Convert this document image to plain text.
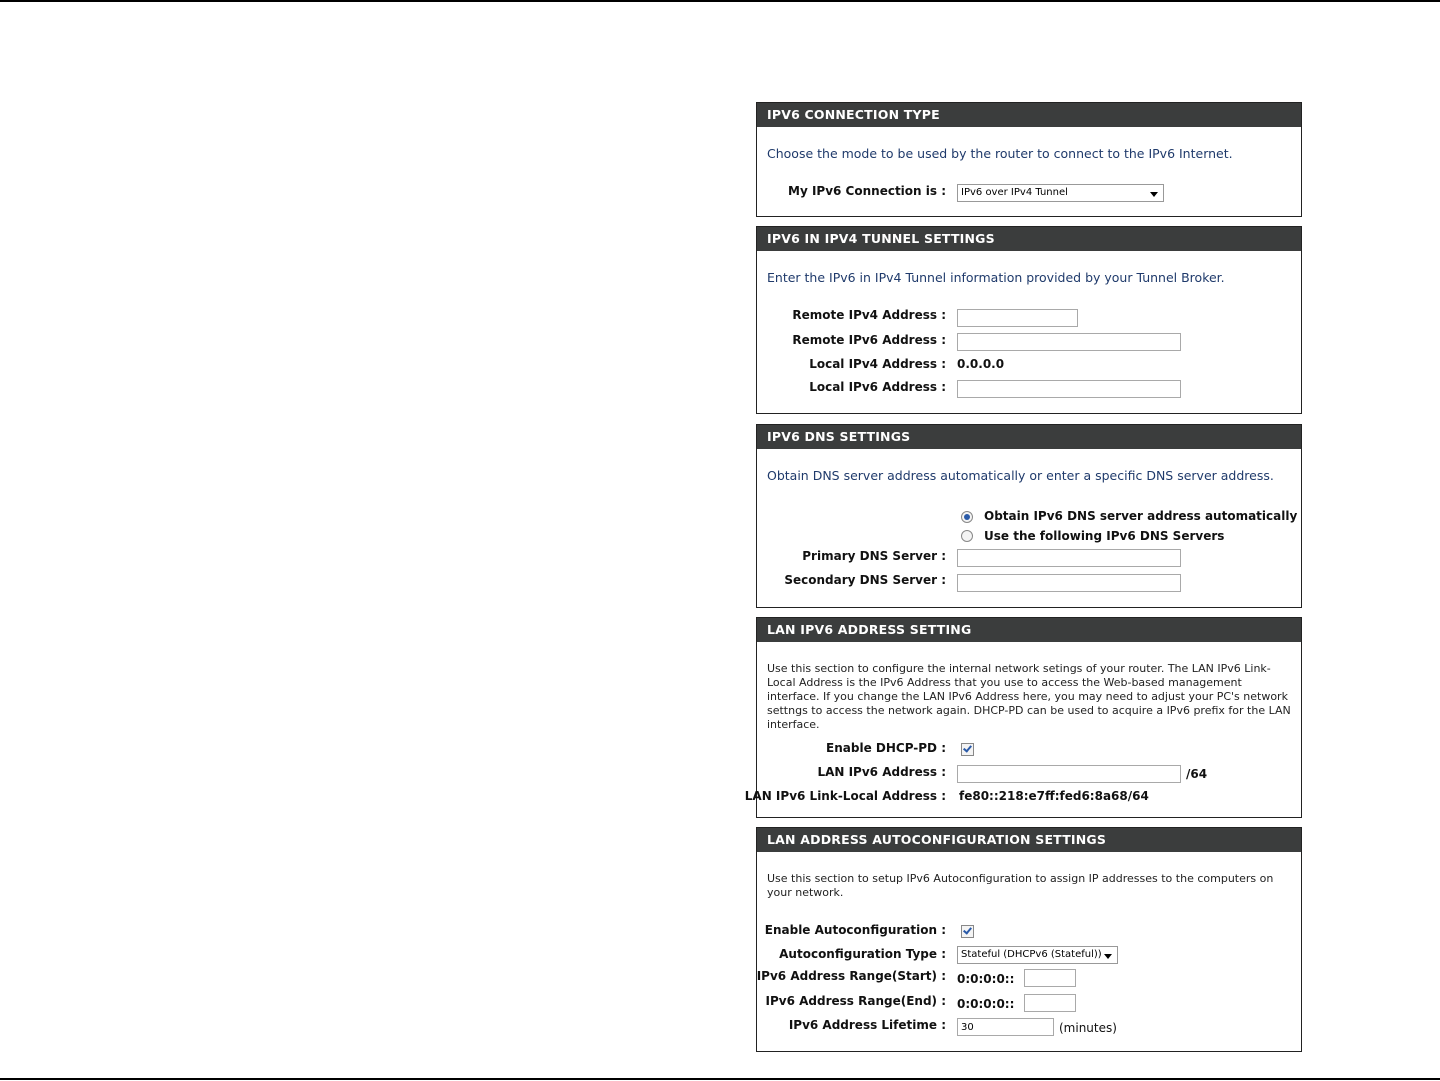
IPV6 CONNECTION TYPE
Choose the mode to be used by the router to connect to the IPv6 Internet.
My IPv6 Connection is :	IPv6 over IPv4 Tunnel
IPV6 IN IPV4 TUNNEL SETTINGS
Enter the IPv6 in IPv4 Tunnel information provided by your Tunnel Broker.
Remote IPv4 Address :
Remote IPv6 Address :
Local IPv4 Address : 0.0.0.0
Local IPv6 Address :
IPV6 DNS SETTINGS
Obtain DNS server address automatically or enter a specific DNS server address.
Obtain IPv6 DNS server address automatically
Use the following IPv6 DNS Servers
Primary DNS Server :
Secondary DNS Server :
LAN IPV6 ADDRESS SETTING
Use this section to configure the internal network setings of your router. The LAN IPv6 Link-Local Address is the IPv6 Address that you use to access the Web-based management interface. If you change the LAN IPv6 Address here, you may need to adjust your PC's network settngs to access the network again. DHCP-PD can be used to acquire a IPv6 prefix for the LAN interface.
Enable DHCP-PD :
LAN IPv6 Address :	/64
LAN IPv6 Link-Local Address : fe80::218:e7ff:fed6:8a68/64
LAN ADDRESS AUTOCONFIGURATION SETTINGS
Use this section to setup IPv6 Autoconfiguration to assign IP addresses to the computers on your network.
Enable Autoconfiguration :
Autoconfiguration Type :	Stateful (DHCPv6 (Stateful))
IPv6 Address Range(Start) : 0:0:0:0::
IPv6 Address Range(End) : 0:0:0:0::
IPv6 Address Lifetime :
30	(minutes)
